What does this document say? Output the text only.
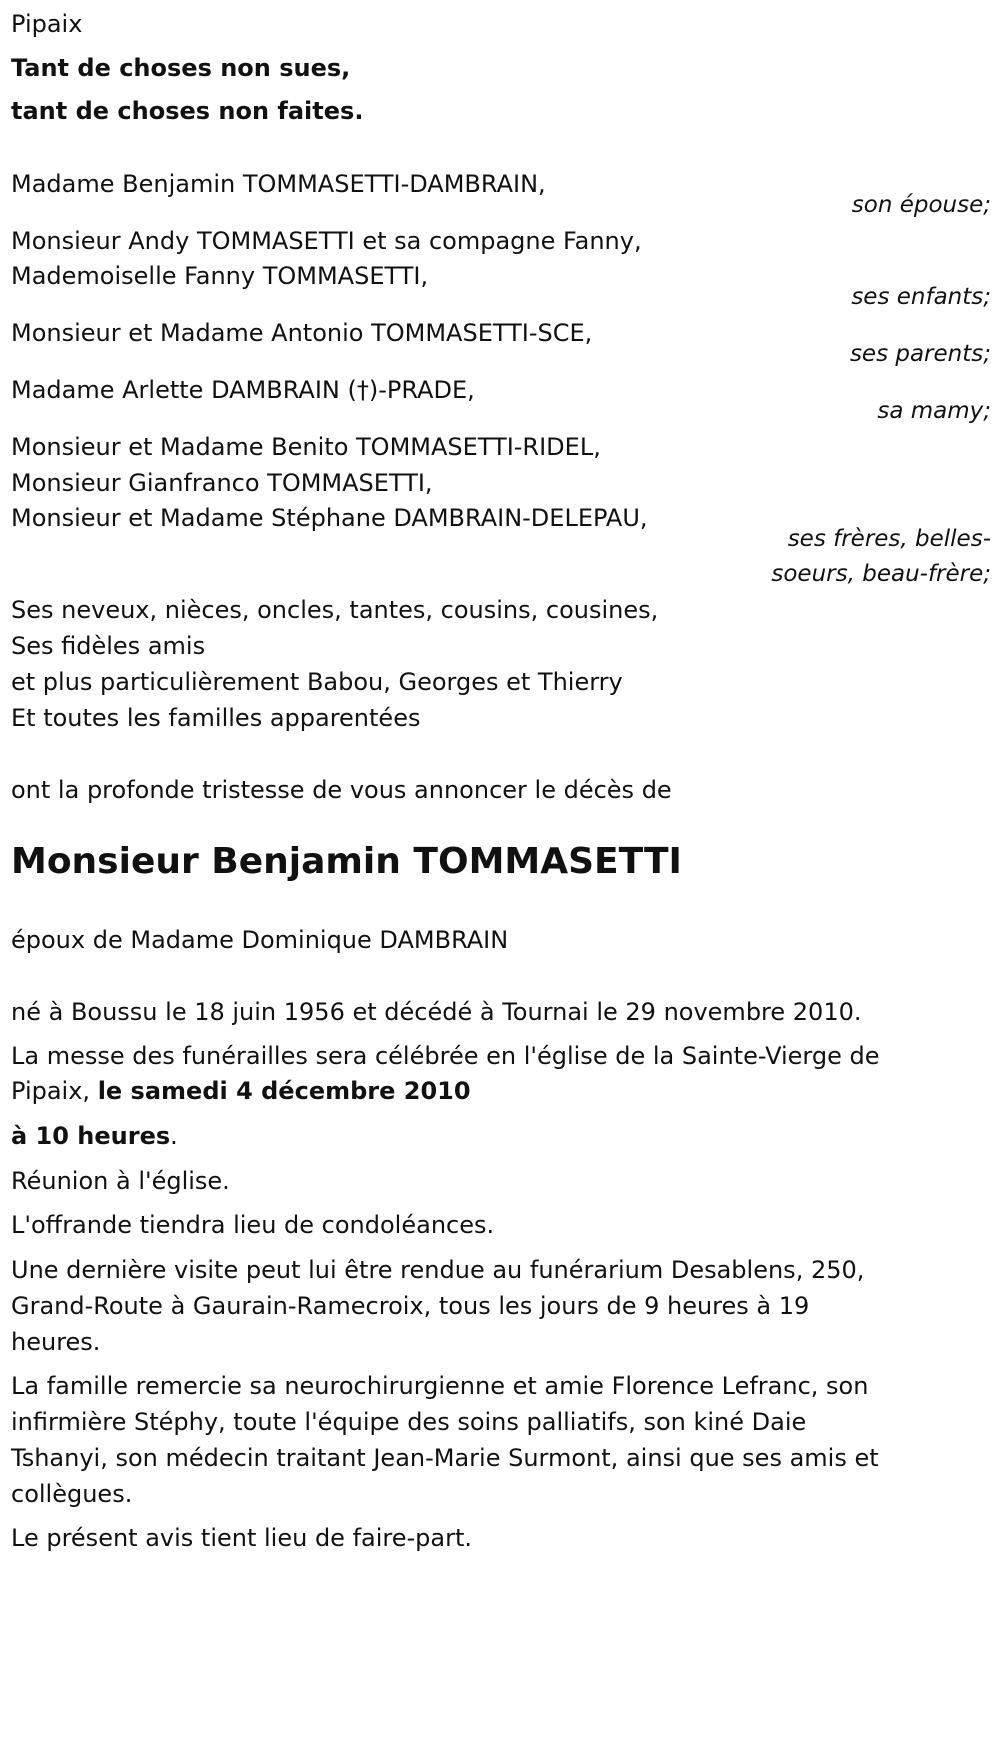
Pipaix
Tant de choses non sues,
tant de choses non faites.
Madame Benjamin TOMMASETTI-DAMBRAIN,
son épouse;
Monsieur Andy TOMMASETTI et sa compagne Fanny,
Mademoiselle Fanny TOMMASETTI,
ses enfants;
Monsieur et Madame Antonio TOMMASETTI-SCE,
ses parents;
Madame Arlette DAMBRAIN (†)-PRADE,
sa mamy;
Monsieur et Madame Benito TOMMASETTI-RIDEL,
Monsieur Gianfranco TOMMASETTI,
Monsieur et Madame Stéphane DAMBRAIN-DELEPAU,
ses frères, belles-
soeurs, beau-frère;
Ses neveux, nièces, oncles, tantes, cousins, cousines,
Ses fidèles amis
et plus particulièrement Babou, Georges et Thierry
Et toutes les familles apparentées
ont la profonde tristesse de vous annoncer le décès de
Monsieur Benjamin TOMMASETTI
époux de Madame Dominique DAMBRAIN
né à Boussu le 18 juin 1956 et décédé à Tournai le 29 novembre 2010.
La messe des funérailles sera célébrée en l'église de la Sainte-Vierge de
Pipaix, le samedi 4 décembre 2010
à 10 heures.
Réunion à l'église.
L'offrande tiendra lieu de condoléances.
Une dernière visite peut lui être rendue au funérarium Desablens, 250,
Grand-Route à Gaurain-Ramecroix, tous les jours de 9 heures à 19
heures.
La famille remercie sa neurochirurgienne et amie Florence Lefranc, son
infirmière Stéphy, toute l'équipe des soins palliatifs, son kiné Daie
Tshanyi, son médecin traitant Jean-Marie Surmont, ainsi que ses amis et
collègues.
Le présent avis tient lieu de faire-part.
